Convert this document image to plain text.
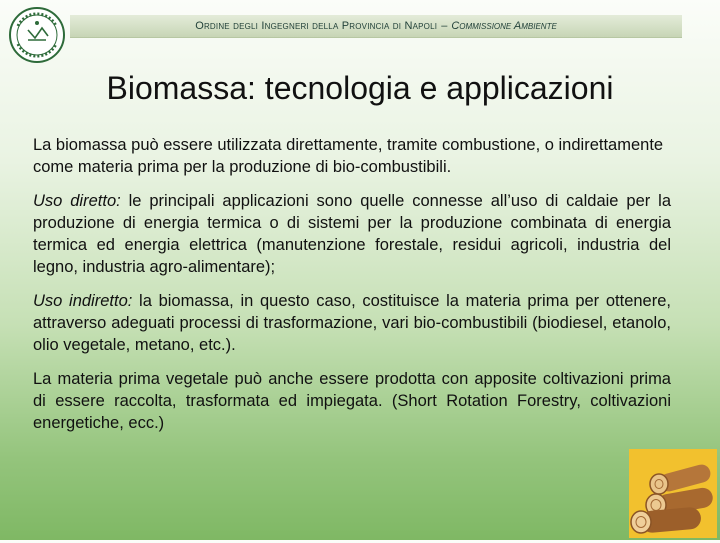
Ordine degli Ingegneri della Provincia di Napoli – Commissione Ambiente
Biomassa: tecnologia e applicazioni

La biomassa può essere utilizzata direttamente, tramite combustione, o indirettamente come materia prima per la produzione di bio-combustibili.

Uso diretto: le principali applicazioni sono quelle connesse all’uso di caldaie per la produzione di energia termica o di sistemi per la produzione combinata di energia termica ed energia elettrica (manutenzione forestale, residui agricoli, industria del legno, industria agro-alimentare);

Uso indiretto: la biomassa, in questo caso, costituisce la materia prima per ottenere, attraverso adeguati processi di trasformazione, vari bio-combustibili (biodiesel, etanolo, olio vegetale, metano, etc.).

La materia prima vegetale può anche essere prodotta con apposite coltivazioni prima di essere raccolta, trasformata ed impiegata. (Short Rotation Forestry, coltivazioni energetiche, ecc.)
